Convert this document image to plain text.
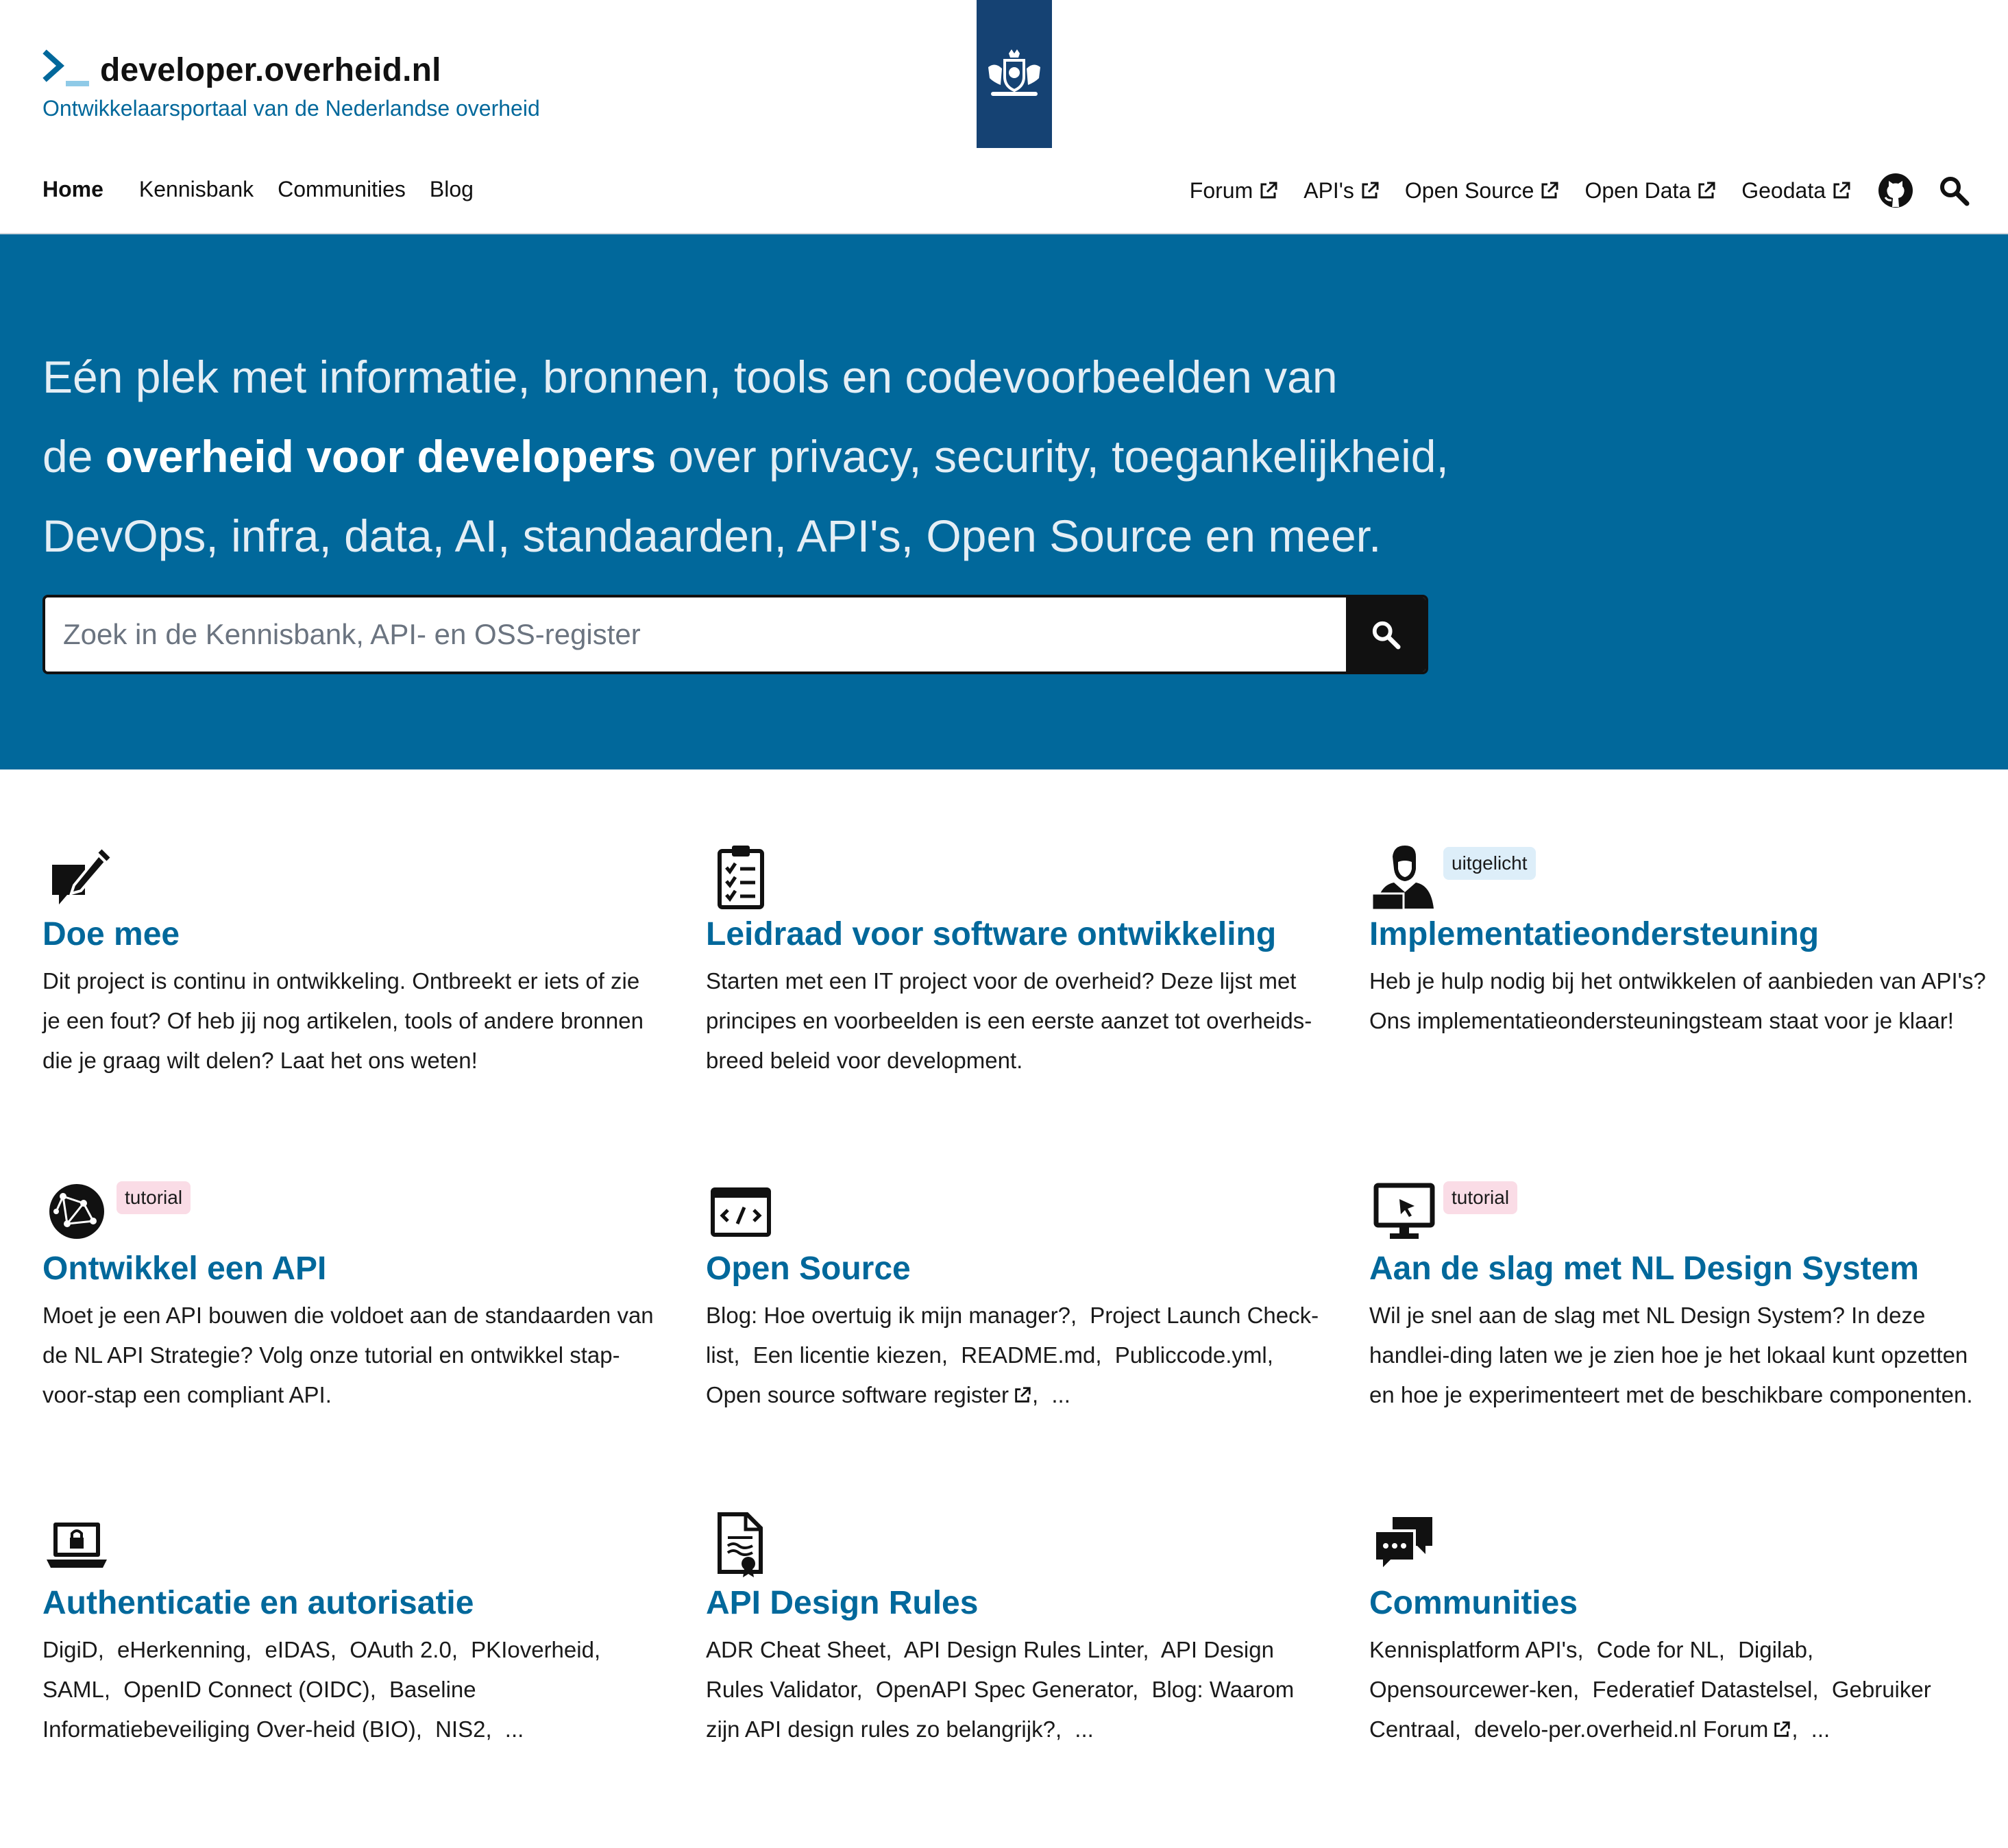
developer.overheid.nl
Ontwikkelaarsportaal van de Nederlandse overheid
Home Kennisbank Communities Blog	Forum API's Open Source Open Data Geodata
Eén plek met informatie, bronnen, tools en codevoorbeelden van
de overheid voor developers over privacy, security, toegankelijkheid,
DevOps, infra, data, AI, standaarden, API's, Open Source en meer.
Zoek in de Kennisbank, API- en OSS-register
Doe mee
Dit project is continu in ontwikkeling. Ontbreekt er iets of zie je een fout? Of heb jij nog artikelen, tools of andere bronnen die je graag wilt delen? Laat het ons weten!
Leidraad voor software ontwikkeling
Starten met een IT project voor de overheid? Deze lijst met principes en voorbeelden is een eerste aanzet tot overheids-breed beleid voor development.
uitgelicht
Implementatieondersteuning
Heb je hulp nodig bij het ontwikkelen of aanbieden van API's? Ons implementatieondersteuningsteam staat voor je klaar!
tutorial
Ontwikkel een API
Moet je een API bouwen die voldoet aan de standaarden van de NL API Strategie? Volg onze tutorial en ontwikkel stap-voor-stap een compliant API.
Open Source
Blog: Hoe overtuig ik mijn manager?, Project Launch Check-list, Een licentie kiezen, README.md, Publiccode.yml, Open source software register , ...
tutorial
Aan de slag met NL Design System
Wil je snel aan de slag met NL Design System? In deze handlei-ding laten we je zien hoe je het lokaal kunt opzetten en hoe je experimenteert met de beschikbare componenten.
Authenticatie en autorisatie
DigiD, eHerkenning, eIDAS, OAuth 2.0, PKIoverheid, SAML, OpenID Connect (OIDC), Baseline Informatiebeveiliging Over-heid (BIO), NIS2, ...
API Design Rules
ADR Cheat Sheet, API Design Rules Linter, API Design Rules Validator, OpenAPI Spec Generator, Blog: Waarom zijn API design rules zo belangrijk?, ...
Communities
Kennisplatform API's, Code for NL, Digilab, Opensourcewer-ken, Federatief Datastelsel, Gebruiker Centraal, develo-per.overheid.nl Forum , ...
